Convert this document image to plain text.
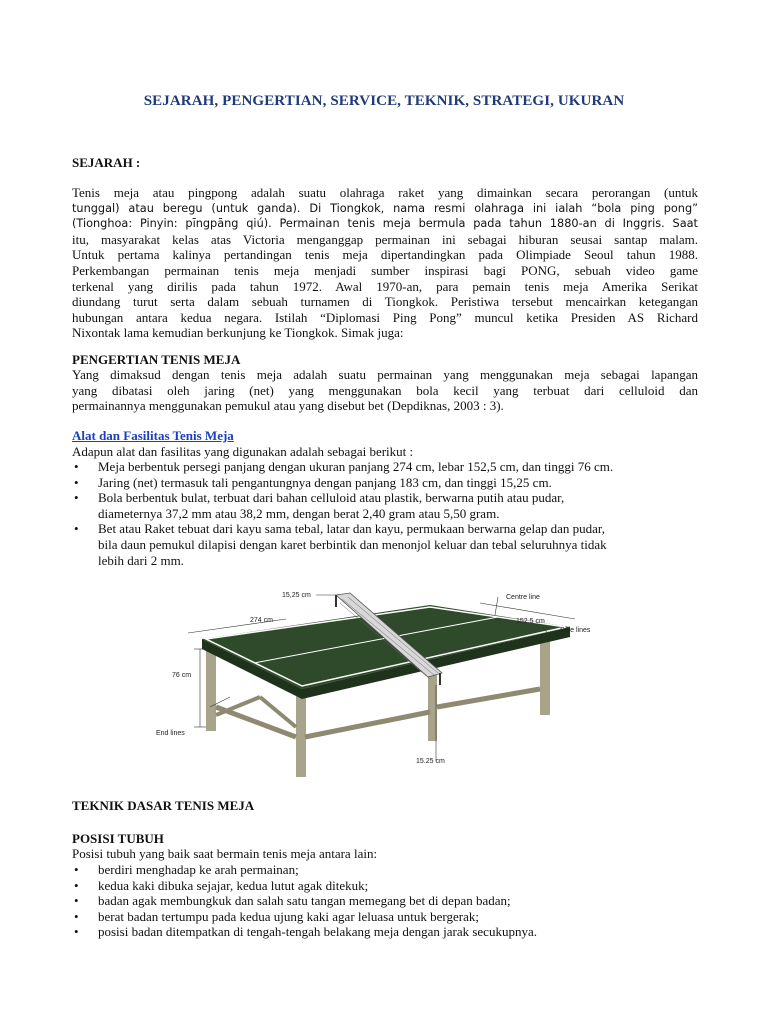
SEJARAH, PENGERTIAN, SERVICE, TEKNIK, STRATEGI, UKURAN
SEJARAH :
Tenis meja atau pingpong adalah suatu olahraga raket yang dimainkan secara perorangan (untuk
tunggal) atau beregu (untuk ganda). Di Tiongkok, nama resmi olahraga ini ialah “bola ping pong”
(Tionghoa: Pinyin: pīngpāng qiú). Permainan tenis meja bermula pada tahun 1880-an di Inggris. Saat
itu, masyarakat kelas atas Victoria menganggap permainan ini sebagai hiburan seusai santap malam.
Untuk pertama kalinya pertandingan tenis meja dipertandingkan pada Olimpiade Seoul tahun 1988.
Perkembangan permainan tenis meja menjadi sumber inspirasi bagi PONG, sebuah video game
terkenal yang dirilis pada tahun 1972. Awal 1970-an, para pemain tenis meja Amerika Serikat
diundang turut serta dalam sebuah turnamen di Tiongkok. Peristiwa tersebut mencairkan ketegangan
hubungan antara kedua negara. Istilah “Diplomasi Ping Pong” muncul ketika Presiden AS Richard
Nixontak lama kemudian berkunjung ke Tiongkok. Simak juga:
PENGERTIAN TENIS MEJA
Yang dimaksud dengan tenis meja adalah suatu permainan yang menggunakan meja sebagai lapangan
yang dibatasi oleh jaring (net) yang menggunakan bola kecil yang terbuat dari celluloid dan
permainannya menggunakan pemukul atau yang disebut bet (Depdiknas, 2003 : 3).
Alat dan Fasilitas Tenis Meja
Adapun alat dan fasilitas yang digunakan adalah sebagai berikut :
• Meja berbentuk persegi panjang dengan ukuran panjang 274 cm, lebar 152,5 cm, dan tinggi 76 cm.
• Jaring (net) termasuk tali pengantungnya dengan panjang 183 cm, dan tinggi 15,25 cm.
• Bola berbentuk bulat, terbuat dari bahan celluloid atau plastik, berwarna putih atau pudar,
diameternya 37,2 mm atau 38,2 mm, dengan berat 2,40 gram atau 5,50 gram.
• Bet atau Raket tebuat dari kayu sama tebal, latar dan kayu, permukaan berwarna gelap dan pudar,
bila daun pemukul dilapisi dengan karet berbintik dan menonjol keluar dan tebal seluruhnya tidak
lebih dari 2 mm.
15,25 cm
274 cm
Centre line
152.5 cm
Side lines
76 cm
End lines
15.25 cm
TEKNIK DASAR TENIS MEJA
POSISI TUBUH
Posisi tubuh yang baik saat bermain tenis meja antara lain:
• berdiri menghadap ke arah permainan;
• kedua kaki dibuka sejajar, kedua lutut agak ditekuk;
• badan agak membungkuk dan salah satu tangan memegang bet di depan badan;
• berat badan tertumpu pada kedua ujung kaki agar leluasa untuk bergerak;
• posisi badan ditempatkan di tengah-tengah belakang meja dengan jarak secukupnya.
